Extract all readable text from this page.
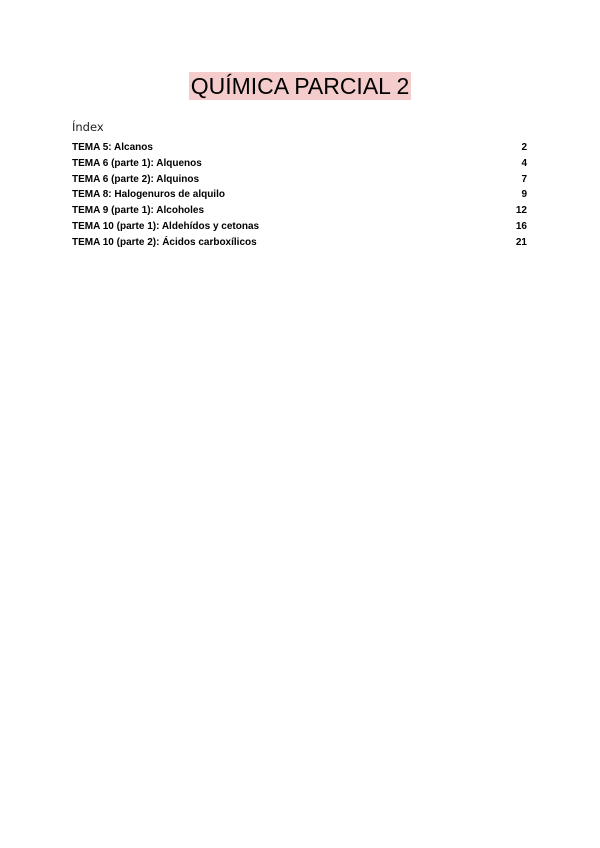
QUÍMICA PARCIAL 2
Índex
TEMA 5: Alcanos	2
TEMA 6 (parte 1): Alquenos	4
TEMA 6 (parte 2): Alquinos	7
TEMA 8: Halogenuros de alquilo	9
TEMA 9 (parte 1): Alcoholes	12
TEMA 10 (parte 1): Aldehídos y cetonas	16
TEMA 10 (parte 2): Ácidos carboxílicos	21
